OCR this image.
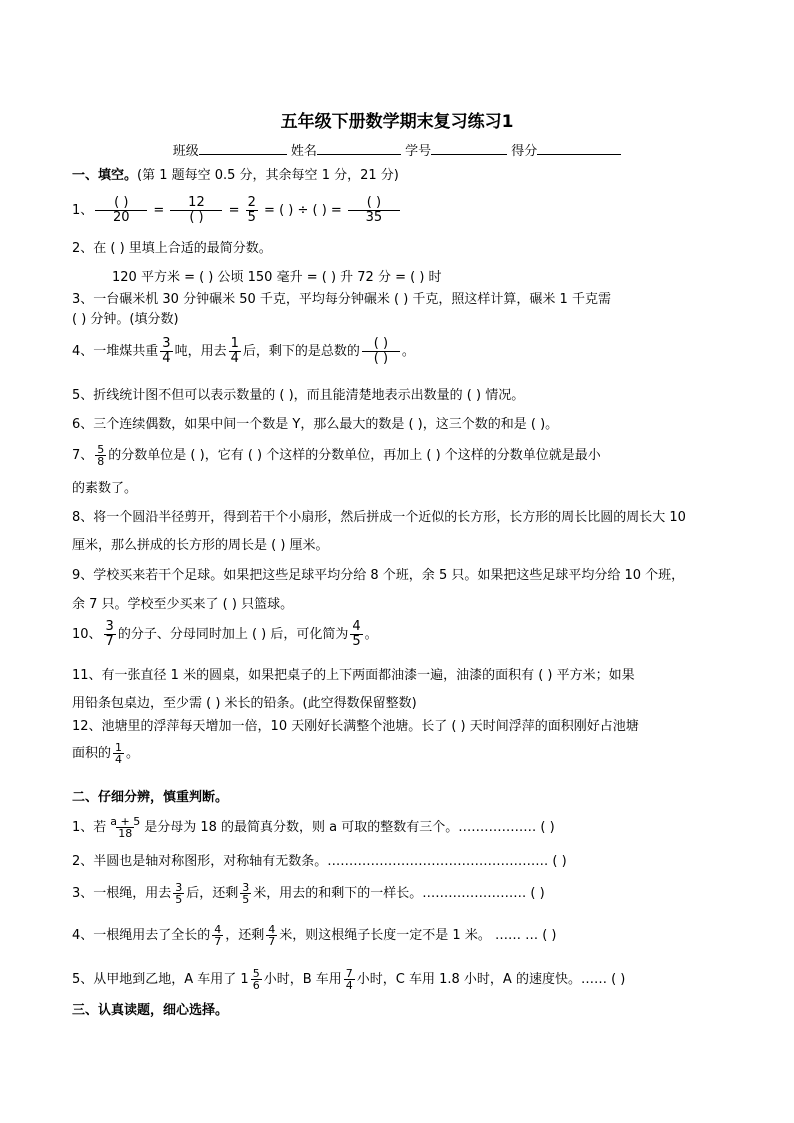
五年级下册数学期末复习练习1
班级	姓名	学号	得分
一、填空。(第 1 题每空 0.5 分，其余每空 1 分，21 分)
1、 $\frac{( )}{20} = \frac{12}{( )} = \frac{2}{5}$ = ( ) ÷ ( ) = $\frac{( )}{35}$
2、在 ( ) 里填上合适的最简分数。
120 平方米 = ( ) 公顷 150 毫升 = ( ) 升 72 分 = ( ) 时
3、一台碾米机 30 分钟碾米 50 千克，平均每分钟碾米 ( ) 千克，照这样计算，碾米 1 千克需
( ) 分钟。(填分数)
4、一堆煤共重 $\frac{3}{4}$ 吨，用去 $\frac{1}{4}$ 后，剩下的是总数的 $\frac{( )}{( )}$ 。
5、折线统计图不但可以表示数量的 ( )，而且能清楚地表示出数量的 ( ) 情况。
6、三个连续偶数，如果中间一个数是 Y，那么最大的数是 ( )，这三个数的和是 ( )。
7、 $\frac{5}{8}$ 的分数单位是 ( )，它有 ( ) 个这样的分数单位，再加上 ( ) 个这样的分数单位就是最小
的素数了。
8、将一个圆沿半径剪开，得到若干个小扇形，然后拼成一个近似的长方形，长方形的周长比圆的周长大 10
厘米，那么拼成的长方形的周长是 ( ) 厘米。
9、学校买来若干个足球。如果把这些足球平均分给 8 个班，余 5 只。如果把这些足球平均分给 10 个班，
余 7 只。学校至少买来了 ( ) 只篮球。
10、 $\frac{3}{7}$ 的分子、分母同时加上 ( ) 后，可化简为 $\frac{4}{5}$ 。
11、有一张直径 1 米的圆桌，如果把桌子的上下两面都油漆一遍，油漆的面积有 ( ) 平方米；如果
用铅条包桌边，至少需 ( ) 米长的铅条。(此空得数保留整数)
12、池塘里的浮萍每天增加一倍，10 天刚好长满整个池塘。长了 ( ) 天时间浮萍的面积刚好占池塘
面积的 $\frac{1}{4}$ 。
二、仔细分辨，慎重判断。
1、若 $\frac{a + 5}{18}$ 是分母为 18 的最简真分数，则 a 可取的整数有三个。……………… ( )
2、半圆也是轴对称图形，对称轴有无数条。…………………………………………… ( )
3、一根绳，用去 $\frac{3}{5}$ 后，还剩 $\frac{3}{5}$ 米，用去的和剩下的一样长。…………………… ( )
4、一根绳用去了全长的 $\frac{4}{7}$ ，还剩 $\frac{4}{7}$ 米，则这根绳子长度一定不是 1 米。 …… … ( )
5、从甲地到乙地，A 车用了 $1 \frac{5}{6}$ 小时，B 车用 $\frac{7}{4}$ 小时，C 车用 1.8 小时，A 的速度快。…… ( )
三、认真读题，细心选择。
